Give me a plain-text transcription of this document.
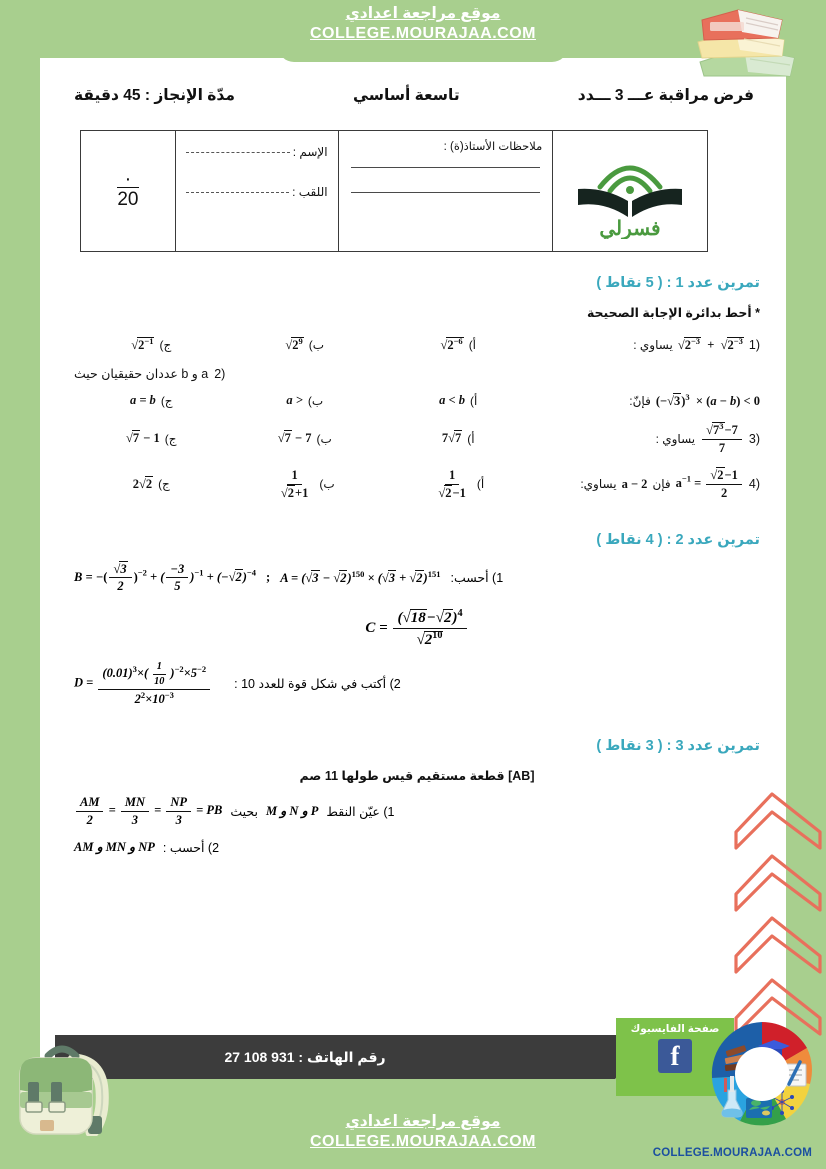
موقع مراجعة اعدادي
COLLEGE.MOURAJAA.COM
فرض مراقبة عـــ 3 ـــدد
تاسعة أساسي
مدّة الإنجاز : 45 دقيقة
فسرلي
ملاحظات الأستاذ(ة) :
الإسم :
اللقب :
·
20
تمرين عدد 1 : ( 5 نقاط )
* أحط بدائرة الإجابة الصحيحة
1)
$√2^{-3} + √2^{-3}$
يساوي :
أ)
$√2^{-6}$
ب)
$√2^9$
ج)
$√2^{-1}$
2)
a و b عددان حقيقيان حيث
$(-√3)^3 \times (a - b) < 0$
فإنّ:
أ)
a < b
ب)
a >
ج)
a = b
3)
$\frac{√7^3-7}{7}$
يساوي :
أ)
7√7
ب)
√7 − 7
ج)
√7 − 1
4)
$a^{-1} = \frac{√2-1}{2}$
فإن
a − 2
يساوي:
أ)
$\frac{1}{√2-1}$
ب)
$\frac{1}{√2+1}$
ج)
2√2
تمرين عدد 2 : ( 4 نقاط )
1) أحسب:
$A = (√3 - √2)^{150} \times (√3 + √2)^{151}$
;
B = −( $\frac{√3}{2} )^{-2}$ + ( $\frac{-3}{5} )^{-1} + (-√2)^{-4}$
$C = \frac{(√18-√2)^4}{√2^{10}}$
2) أكتب في شكل قوة للعدد 10 :
$D = \frac{(0.01)^3\times( \frac{1}{10} )^{-2}\times 5^{-2}}{2^2\times 10^{-3}}$
تمرين عدد 3 : ( 3 نقاط )
[AB] قطعة مستقيم قيس طولها 11 صم
1) عيّن النقط
M و N و P
بحيث
$\frac{AM}{2} = \frac{MN}{3} = \frac{NP}{3}$ = PB
2) أحسب :
AM و MN و NP
رقم الهاتف :

27 108 931
صفحة الفايسبوك
f
موقع مراجعة اعدادي
COLLEGE.MOURAJAA.COM
COLLEGE.MOURAJAA.COM
